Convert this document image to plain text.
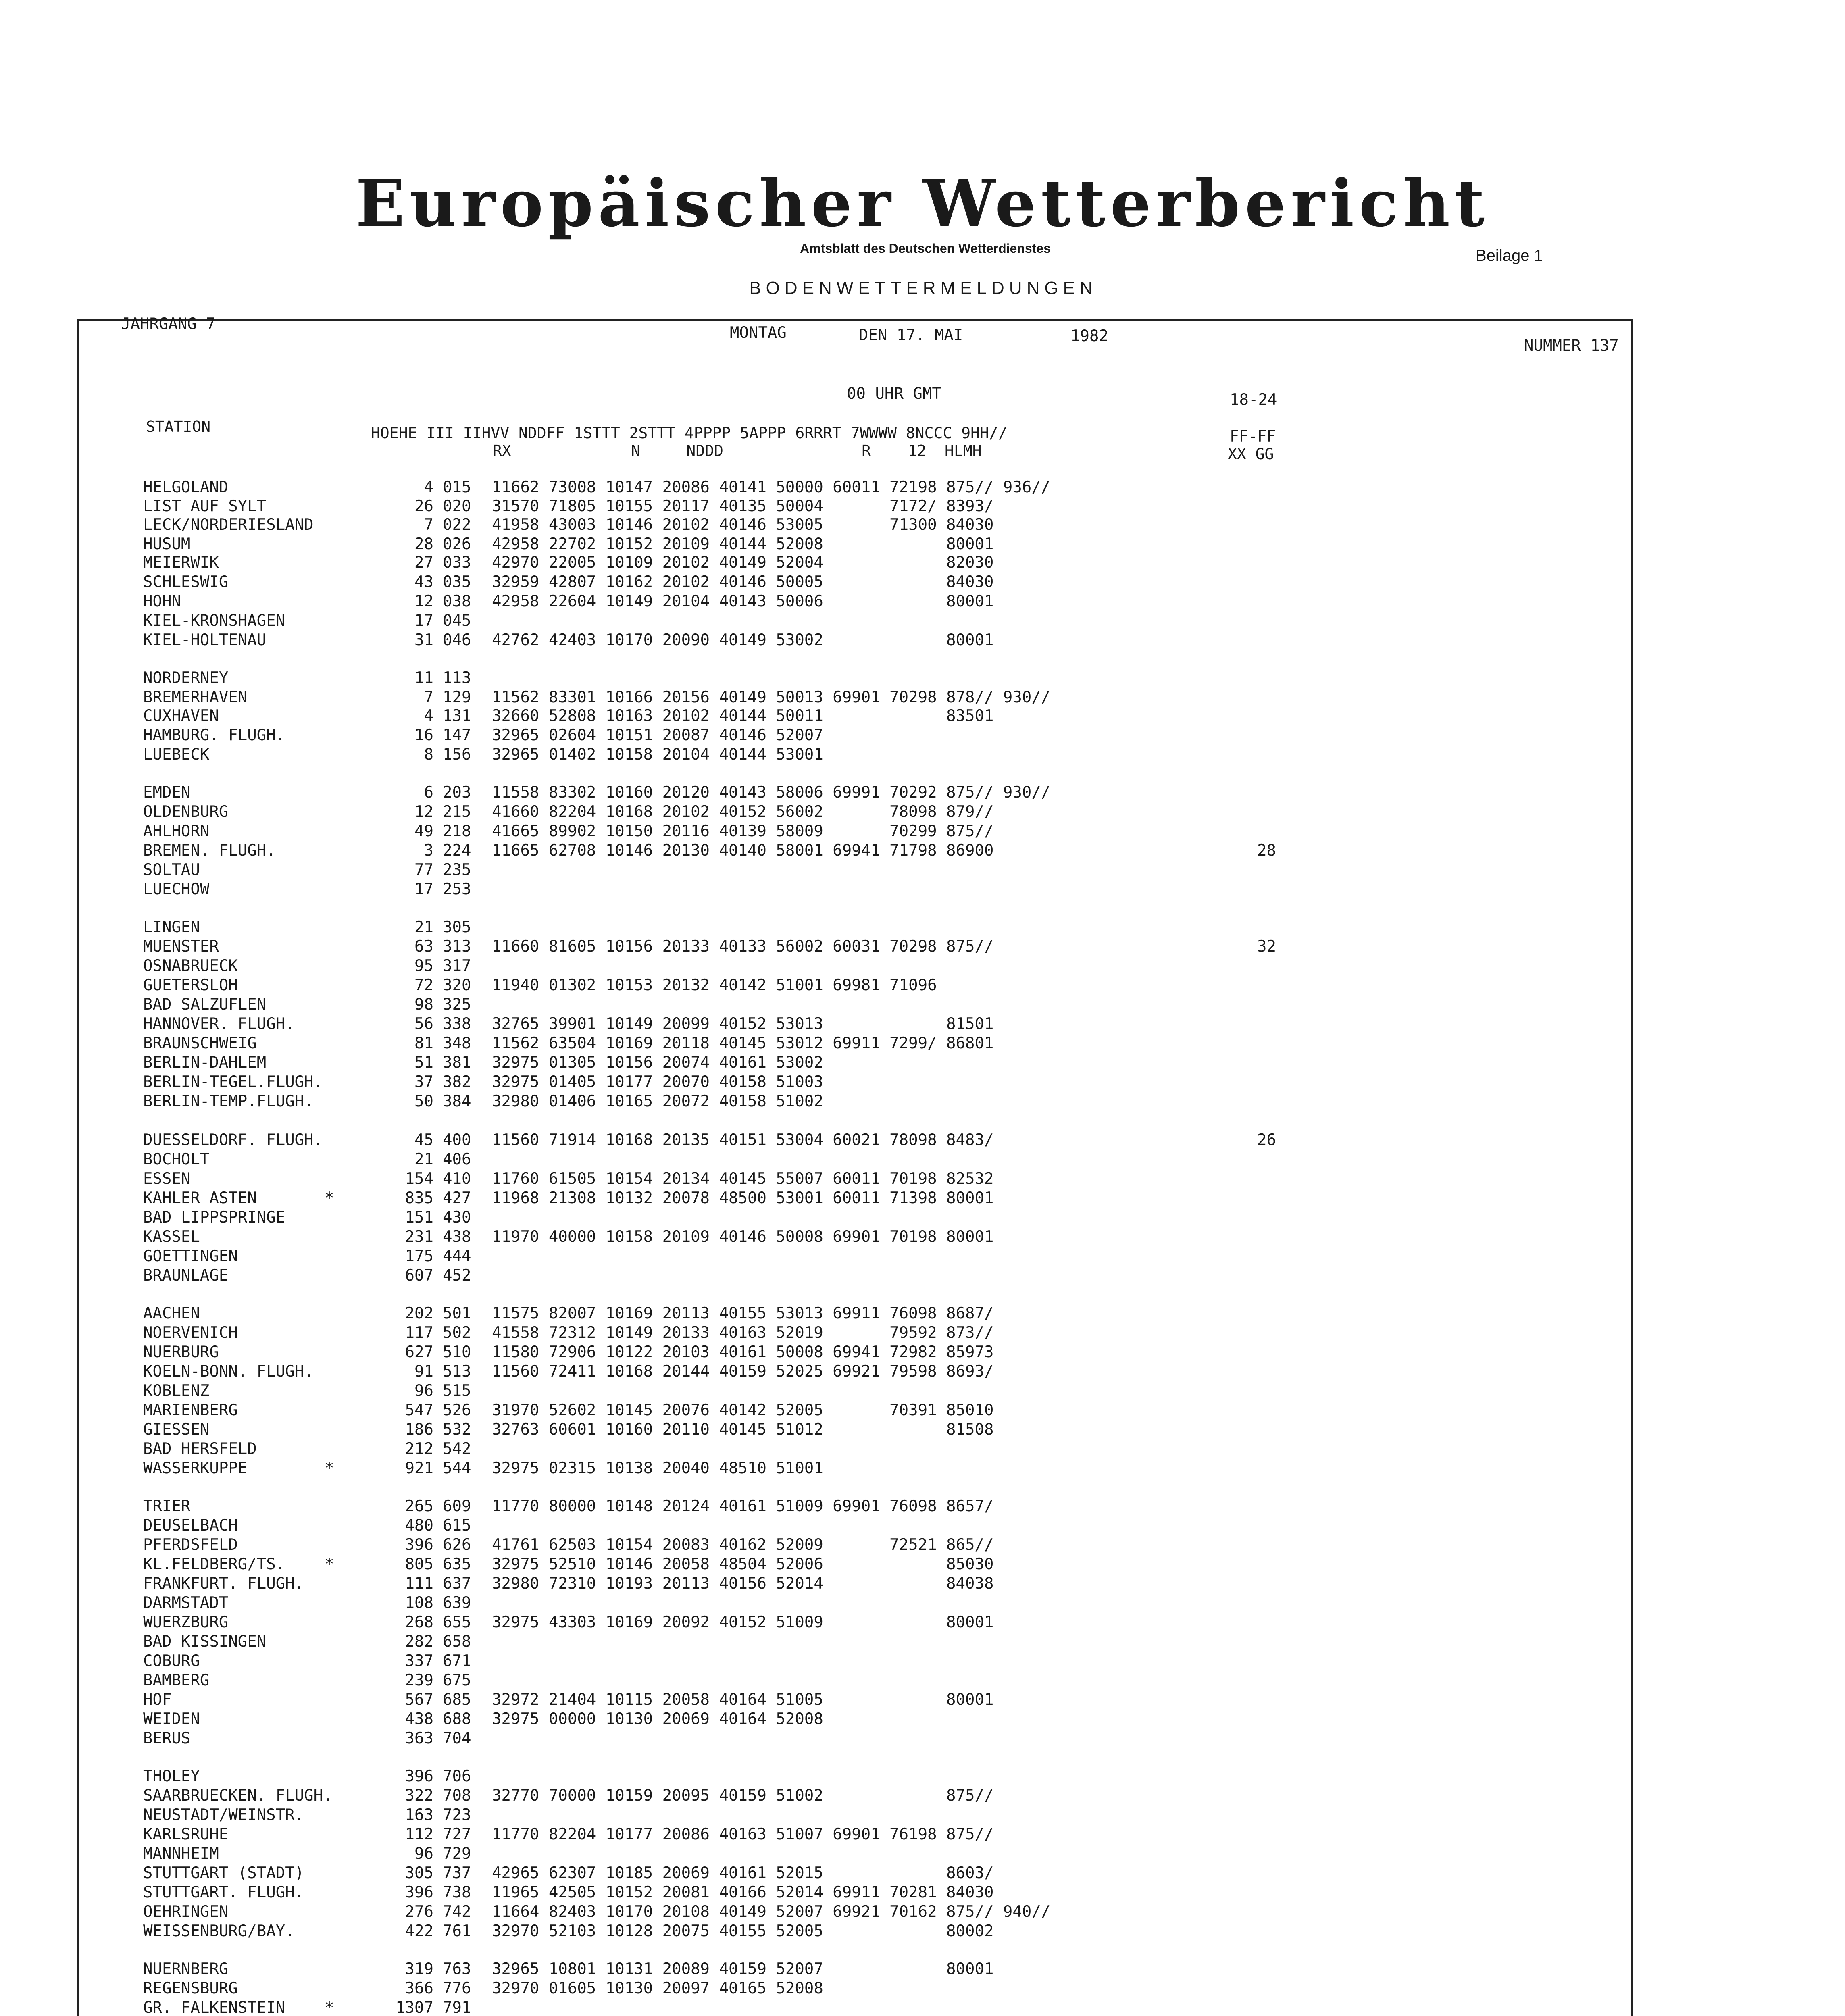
Europäischer Wetterbericht
Amtsblatt des Deutschen Wetterdienstes	Beilage 1
BODENWETTERMELDUNGEN
JAHRGANG 7	MONTAG	DEN 17. MAI	1982
NUMMER 137
00 UHR GMT	18-24
STATION	HOEHE III IIHVV NDDFF 1STTT 2STTT 4PPPP 5APPP 6RRRT 7WWWW 8NCCC 9HH//
RX             N     NDDD               R    12  HLMH
FF-FF
XX GG
HELGOLAND	4 015 11662 73008 10147 20086 40141 50000 60011 72198 875// 936//
LIST AUF SYLT	26 020 31570 71805 10155 20117 40135 50004       7172/ 8393/
LECK/NORDERIESLAND	7 022 41958 43003 10146 20102 40146 53005       71300 84030
HUSUM	28 026 42958 22702 10152 20109 40144 52008             80001
MEIERWIK	27 033 42970 22005 10109 20102 40149 52004             82030
SCHLESWIG	43 035 32959 42807 10162 20102 40146 50005             84030
HOHN	12 038 42958 22604 10149 20104 40143 50006             80001
KIEL-KRONSHAGEN	17 045
KIEL-HOLTENAU	31 046 42762 42403 10170 20090 40149 53002             80001
NORDERNEY	11 113
BREMERHAVEN	7 129 11562 83301 10166 20156 40149 50013 69901 70298 878// 930//
CUXHAVEN	4 131 32660 52808 10163 20102 40144 50011             83501
HAMBURG. FLUGH.	16 147 32965 02604 10151 20087 40146 52007
LUEBECK	8 156 32965 01402 10158 20104 40144 53001
EMDEN	6 203 11558 83302 10160 20120 40143 58006 69991 70292 875// 930//
OLDENBURG	12 215 41660 82204 10168 20102 40152 56002       78098 879//
AHLHORN	49 218 41665 89902 10150 20116 40139 58009       70299 875//
BREMEN. FLUGH.	3 224 11665 62708 10146 20130 40140 58001 69941 71798 86900	28
SOLTAU	77 235
LUECHOW	17 253
LINGEN	21 305
MUENSTER	63 313 11660 81605 10156 20133 40133 56002 60031 70298 875//	32
OSNABRUECK	95 317
GUETERSLOH	72 320 11940 01302 10153 20132 40142 51001 69981 71096
BAD SALZUFLEN	98 325
HANNOVER. FLUGH.	56 338 32765 39901 10149 20099 40152 53013             81501
BRAUNSCHWEIG	81 348 11562 63504 10169 20118 40145 53012 69911 7299/ 86801
BERLIN-DAHLEM	51 381 32975 01305 10156 20074 40161 53002
BERLIN-TEGEL.FLUGH.	37 382 32975 01405 10177 20070 40158 51003
BERLIN-TEMP.FLUGH.	50 384 32980 01406 10165 20072 40158 51002
DUESSELDORF. FLUGH.	45 400 11560 71914 10168 20135 40151 53004 60021 78098 8483/	26
BOCHOLT	21 406
ESSEN	154 410 11760 61505 10154 20134 40145 55007 60011 70198 82532
KAHLER ASTEN	*	835 427 11968 21308 10132 20078 48500 53001 60011 71398 80001
BAD LIPPSPRINGE	151 430
KASSEL	231 438 11970 40000 10158 20109 40146 50008 69901 70198 80001
GOETTINGEN	175 444
BRAUNLAGE	607 452
AACHEN	202 501 11575 82007 10169 20113 40155 53013 69911 76098 8687/
NOERVENICH	117 502 41558 72312 10149 20133 40163 52019       79592 873//
NUERBURG	627 510 11580 72906 10122 20103 40161 50008 69941 72982 85973
KOELN-BONN. FLUGH.	91 513 11560 72411 10168 20144 40159 52025 69921 79598 8693/
KOBLENZ	96 515
MARIENBERG	547 526 31970 52602 10145 20076 40142 52005       70391 85010
GIESSEN	186 532 32763 60601 10160 20110 40145 51012             81508
BAD HERSFELD	212 542
WASSERKUPPE	*	921 544 32975 02315 10138 20040 48510 51001
TRIER	265 609 11770 80000 10148 20124 40161 51009 69901 76098 8657/
DEUSELBACH	480 615
PFERDSFELD	396 626 41761 62503 10154 20083 40162 52009       72521 865//
KL.FELDBERG/TS.	*	805 635 32975 52510 10146 20058 48504 52006             85030
FRANKFURT. FLUGH.	111 637 32980 72310 10193 20113 40156 52014             84038
DARMSTADT	108 639
WUERZBURG	268 655 32975 43303 10169 20092 40152 51009             80001
BAD KISSINGEN	282 658
COBURG	337 671
BAMBERG	239 675
HOF	567 685 32972 21404 10115 20058 40164 51005             80001
WEIDEN	438 688 32975 00000 10130 20069 40164 52008
BERUS	363 704
THOLEY	396 706
SAARBRUECKEN. FLUGH.	322 708 32770 70000 10159 20095 40159 51002             875//
NEUSTADT/WEINSTR.	163 723
KARLSRUHE	112 727 11770 82204 10177 20086 40163 51007 69901 76198 875//
MANNHEIM	96 729
STUTTGART (STADT)	305 737 42965 62307 10185 20069 40161 52015             8603/
STUTTGART. FLUGH.	396 738 11965 42505 10152 20081 40166 52014 69911 70281 84030
OEHRINGEN	276 742 11664 82403 10170 20108 40149 52007 69921 70162 875// 940//
WEISSENBURG/BAY.	422 761 32970 52103 10128 20075 40155 52005             80002
NUERNBERG	319 763 32965 10801 10131 20089 40159 52007             80001
REGENSBURG	366 776 32970 01605 10130 20097 40165 52008
GR. FALKENSTEIN	*	1307 791
